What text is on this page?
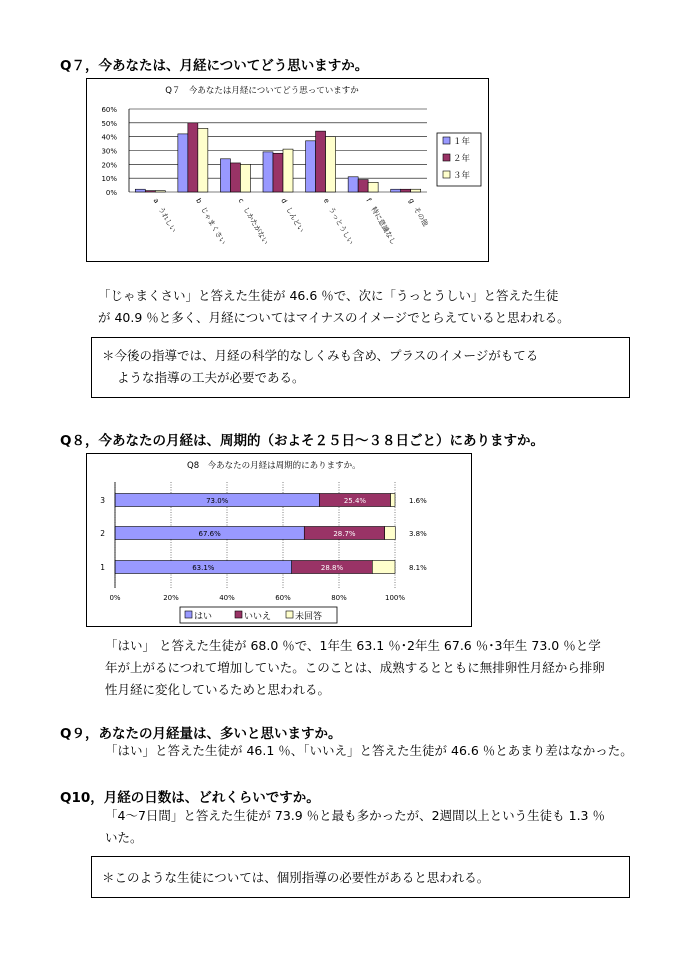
Q７，今あなたは、月経についてどう思いますか。
Q７　今あなたは月経についてどう思っていますか
0%
10%
20%
30%
40%
50%
60%
a
うれしい
b
じゃまくさい
c
しかたがない
d
しんどい
e
うっとうしい
f
特に意識なし
g
その他
１年
２年
３年
「じゃまくさい」と答えた生徒が 46.6 ％で、次に「うっとうしい」と答えた生徒
が 40.9 ％と多く、月経についてはマイナスのイメージでとらえていると思われる。
＊今後の指導では、月経の科学的なしくみも含め、プラスのイメージがもてる
ような指導の工夫が必要である。
Q８，今あなたの月経は、周期的（およそ２５日～３８日ごと）にありますか。
Q8　今あなたの月経は周期的にありますか。
0%	20%	40%	60%	80%	100%
3	73.0%	25.4%	1.6%
2	67.6%	28.7%	3.8%
1	63.1%	28.8%	8.1%
はい	いいえ	未回答
「はい」 と答えた生徒が 68.0 ％で、1年生 63.1 ％･2年生 67.6 ％･3年生 73.0 ％と学
年が上がるにつれて増加していた。このことは、成熟するとともに無排卵性月経から排卵
性月経に変化しているためと思われる。
Q９，あなたの月経量は、多いと思いますか。
「はい」と答えた生徒が 46.1 ％、「いいえ」と答えた生徒が 46.6 ％とあまり差はなかった。
Q10，月経の日数は、どれくらいですか。
「4～7日間」と答えた生徒が 73.9 ％と最も多かったが、2週間以上という生徒も 1.3 ％
いた。
＊このような生徒については、個別指導の必要性があると思われる。
